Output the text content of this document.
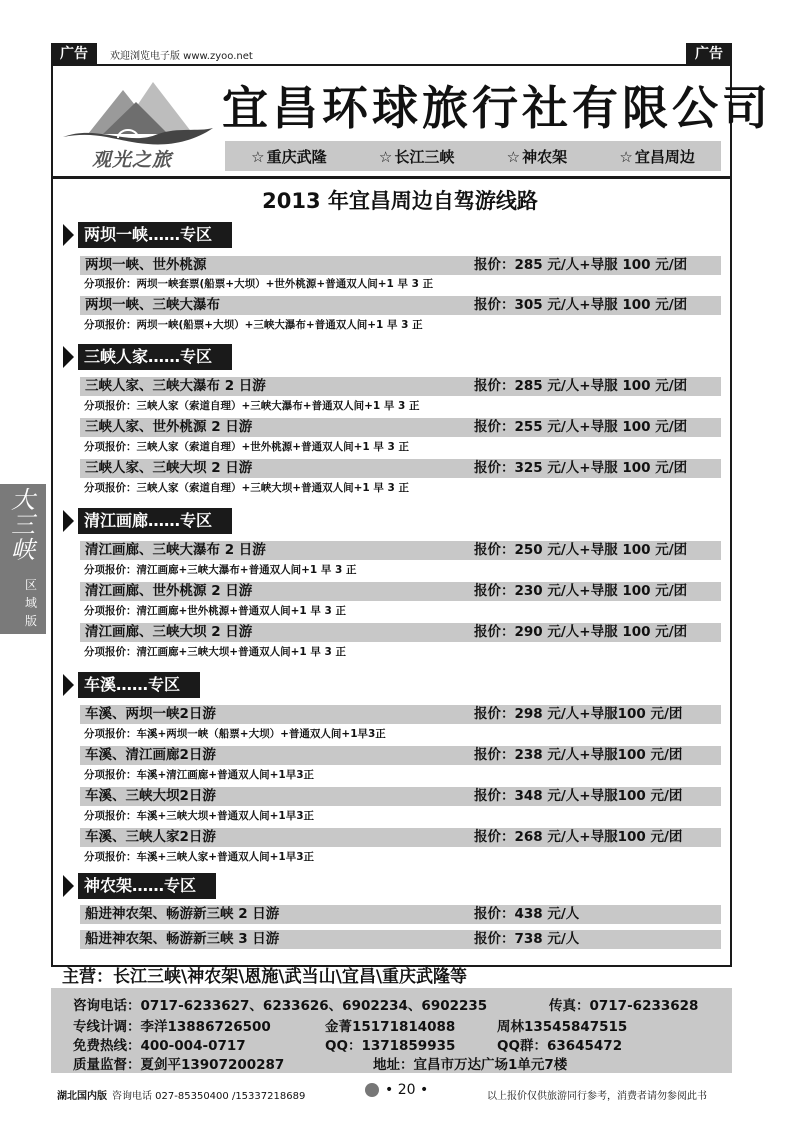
广告	欢迎浏览电子版 www.zyoo.net	广告
观光之旅
宜昌环球旅行社有限公司
☆ 重庆武隆	☆ 长江三峡	☆ 神农架	☆ 宜昌周边
2013 年宜昌周边自驾游线路
两坝一峡……专区
两坝一峡、世外桃源	报价：285 元/人+导服 100 元/团
分项报价：两坝一峡套票(船票+大坝）+世外桃源+普通双人间+1 早 3 正
两坝一峡、三峡大瀑布	报价：305 元/人+导服 100 元/团
分项报价：两坝一峡(船票+大坝）+三峡大瀑布+普通双人间+1 早 3 正
三峡人家……专区
三峡人家、三峡大瀑布 2 日游	报价：285 元/人+导服 100 元/团
分项报价：三峡人家（索道自理）+三峡大瀑布+普通双人间+1 早 3 正
三峡人家、世外桃源 2 日游	报价：255 元/人+导服 100 元/团
分项报价：三峡人家（索道自理）+世外桃源+普通双人间+1 早 3 正
三峡人家、三峡大坝 2 日游	报价：325 元/人+导服 100 元/团
分项报价：三峡人家（索道自理）+三峡大坝+普通双人间+1 早 3 正
清江画廊……专区
清江画廊、三峡大瀑布 2 日游	报价：250 元/人+导服 100 元/团
分项报价：清江画廊+三峡大瀑布+普通双人间+1 早 3 正
清江画廊、世外桃源 2 日游	报价：230 元/人+导服 100 元/团
分项报价：清江画廊+世外桃源+普通双人间+1 早 3 正
清江画廊、三峡大坝 2 日游	报价：290 元/人+导服 100 元/团
分项报价：清江画廊+三峡大坝+普通双人间+1 早 3 正
车溪……专区
车溪、两坝一峡2日游	报价：298 元/人+导服100 元/团
分项报价：车溪+两坝一峡（船票+大坝）+普通双人间+1早3正
车溪、清江画廊2日游	报价：238 元/人+导服100 元/团
分项报价：车溪+清江画廊+普通双人间+1早3正
车溪、三峡大坝2日游	报价：348 元/人+导服100 元/团
分项报价：车溪+三峡大坝+普通双人间+1早3正
车溪、三峡人家2日游	报价：268 元/人+导服100 元/团
分项报价：车溪+三峡人家+普通双人间+1早3正
神农架……专区
船进神农架、畅游新三峡 2 日游	报价：438 元/人
船进神农架、畅游新三峡 3 日游	报价：738 元/人
大三峡
区域版
主营：长江三峡\神农架\恩施\武当山\宜昌\重庆武隆等
咨询电话：0717-6233627、6233626、6902234、6902235	传真：0717-6233628
专线计调：李洋13886726500	金菁15171814088	周林13545847515
免费热线：400-004-0717	QQ：1371859935	QQ群：63645472
质量监督：夏剑平13907200287	地址：宜昌市万达广场1单元7楼
湖北国内版 咨询电话 027-85350400 /15337218689	• 20 •	以上报价仅供旅游同行参考，消费者请勿参阅此书
